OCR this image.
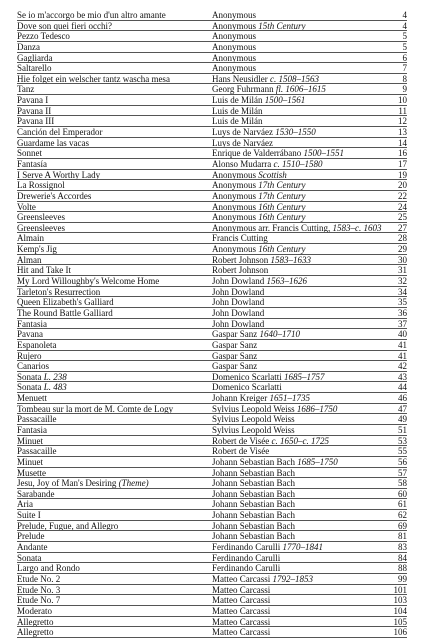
Se io m'accorgo be mio d'un altro amante	Anonymous	4
Dove son quei fieri occhi?	Anonymous 15th Century	4
Pezzo Tedesco	Anonymous	5
Danza	Anonymous	5
Gagliarda	Anonymous	6
Saltarello	Anonymous	7
Hie folget ein welscher tantz wascha mesa	Hans Neusidler c. 1508–1563	8
Tanz	Georg Fuhrmann fl. 1606–1615	9
Pavana I	Luis de Milán 1500–1561	10
Pavana II	Luis de Milán	11
Pavana III	Luis de Milán	12
Canción del Emperador	Luys de Narváez 1530–1550	13
Guardame las vacas	Luys de Narváez	14
Sonnet	Enrique de Valderrábano 1500–1551	16
Fantasía	Alonso Mudarra c. 1510–1580	17
I Serve A Worthy Lady	Anonymous Scottish	19
La Rossignol	Anonymous 17th Century	20
Drewerie's Accordes	Anonymous 17th Century	22
Volte	Anonymous 16th Century	24
Greensleeves	Anonymous 16th Century	25
Greensleeves	Anonymous arr. Francis Cutting, 1583–c. 1603	27
Almain	Francis Cutting	28
Kemp's Jig	Anonymous 16th Century	29
Alman	Robert Johnson 1583–1633	30
Hit and Take It	Robert Johnson	31
My Lord Willoughby's Welcome Home	John Dowland 1563–1626	32
Tarleton's Resurrection	John Dowland	34
Queen Elizabeth's Galliard	John Dowland	35
The Round Battle Galliard	John Dowland	36
Fantasia	John Dowland	37
Pavana	Gaspar Sanz 1640–1710	40
Espanoleta	Gaspar Sanz	41
Rujero	Gaspar Sanz	41
Canarios	Gaspar Sanz	42
Sonata L. 238	Domenico Scarlatti 1685–1757	43
Sonata L. 483	Domenico Scarlatti	44
Menuett	Johann Kreiger 1651–1735	46
Tombeau sur la mort de M. Comte de Logy	Sylvius Leopold Weiss 1686–1750	47
Passacaille	Sylvius Leopold Weiss	49
Fantasia	Sylvius Leopold Weiss	51
Minuet	Robert de Visée c. 1650–c. 1725	53
Passacaille	Robert de Visée	55
Minuet	Johann Sebastian Bach 1685–1750	56
Musette	Johann Sebastian Bach	57
Jesu, Joy of Man's Desiring (Theme)	Johann Sebastian Bach	58
Sarabande	Johann Sebastian Bach	60
Aria	Johann Sebastian Bach	61
Suite I	Johann Sebastian Bach	62
Prelude, Fugue, and Allegro	Johann Sebastian Bach	69
Prelude	Johann Sebastian Bach	81
Andante	Ferdinando Carulli 1770–1841	83
Sonata	Ferdinando Carulli	84
Largo and Rondo	Ferdinando Carulli	88
Etude No. 2	Matteo Carcassi 1792–1853	99
Etude No. 3	Matteo Carcassi	101
Etude No. 7	Matteo Carcassi	103
Moderato	Matteo Carcassi	104
Allegretto	Matteo Carcassi	105
Allegretto	Matteo Carcassi	106
